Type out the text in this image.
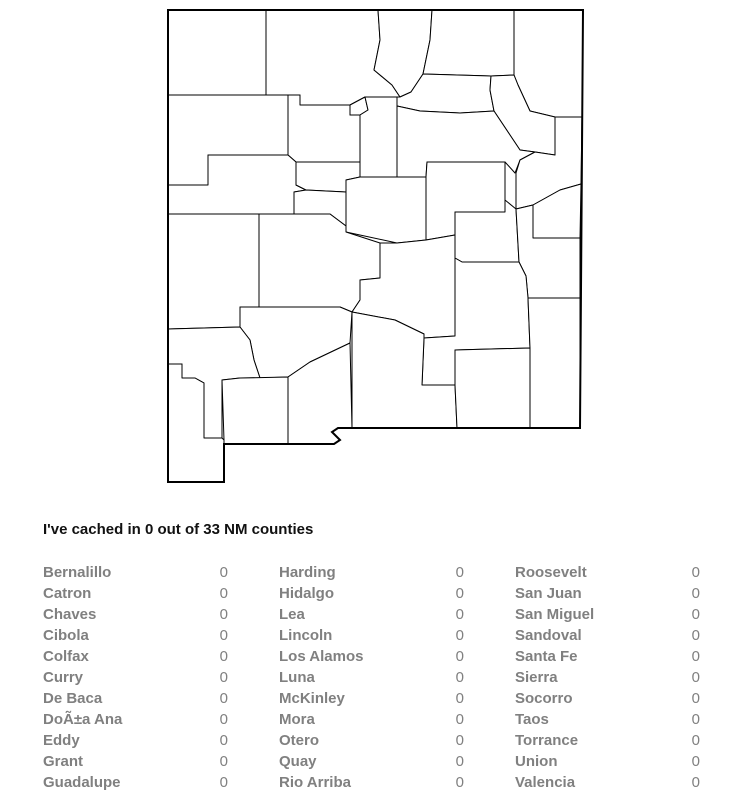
I've cached in 0 out of 33 NM counties

Bernalillo	0
Catron	0
Chaves	0
Cibola	0
Colfax	0
Curry	0
De Baca	0
DoÃ±a Ana	0
Eddy	0
Grant	0
Guadalupe	0
Harding	0
Hidalgo	0
Lea	0
Lincoln	0
Los Alamos	0
Luna	0
McKinley	0
Mora	0
Otero	0
Quay	0
Rio Arriba	0
Roosevelt	0
San Juan	0
San Miguel	0
Sandoval	0
Santa Fe	0
Sierra	0
Socorro	0
Taos	0
Torrance	0
Union	0
Valencia	0
